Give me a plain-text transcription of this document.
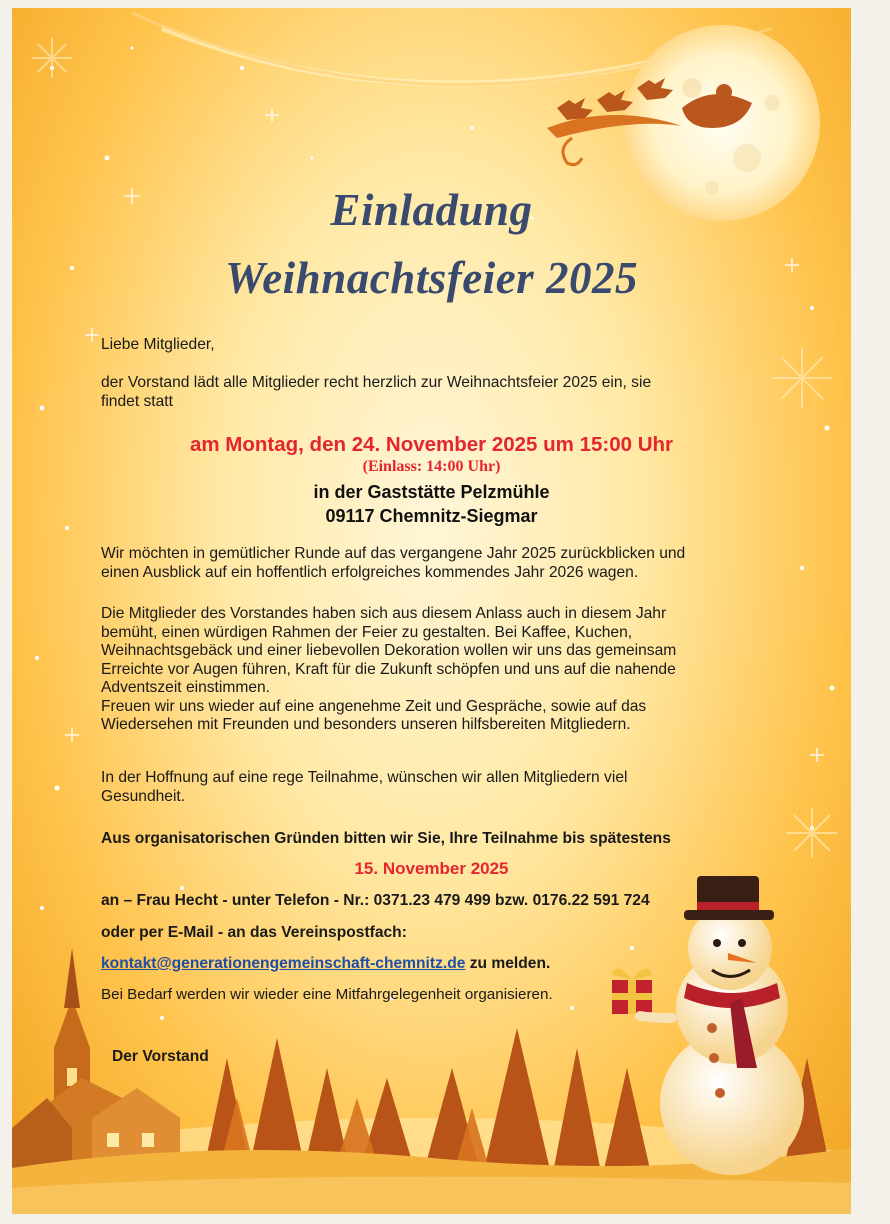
Einladung
Weihnachtsfeier 2025
Liebe Mitglieder,
der Vorstand lädt alle Mitglieder recht herzlich zur Weihnachtsfeier 2025 ein, sie
findet statt
am Montag, den 24. November 2025 um 15:00 Uhr
(Einlass: 14:00 Uhr)
in der Gaststätte Pelzmühle
09117 Chemnitz-Siegmar
Wir möchten in gemütlicher Runde auf das vergangene Jahr 2025 zurückblicken und
einen Ausblick auf ein hoffentlich erfolgreiches kommendes Jahr 2026 wagen.
Die Mitglieder des Vorstandes haben sich aus diesem Anlass auch in diesem Jahr
bemüht, einen würdigen Rahmen der Feier zu gestalten. Bei Kaffee, Kuchen,
Weihnachtsgebäck und einer liebevollen Dekoration wollen wir uns das gemeinsam
Erreichte vor Augen führen, Kraft für die Zukunft schöpfen und uns auf die nahende
Adventszeit einstimmen.
Freuen wir uns wieder auf eine angenehme Zeit und Gespräche, sowie auf das
Wiedersehen mit Freunden und besonders unseren hilfsbereiten Mitgliedern.
In der Hoffnung auf eine rege Teilnahme, wünschen wir allen Mitgliedern viel
Gesundheit.
Aus organisatorischen Gründen bitten wir Sie, Ihre Teilnahme bis spätestens
15. November 2025
an – Frau Hecht - unter Telefon - Nr.: 0371.23 479 499 bzw. 0176.22 591 724
oder per E-Mail - an das Vereinspostfach:
kontakt@generationengemeinschaft-chemnitz.de zu melden.
Bei Bedarf werden wir wieder eine Mitfahrgelegenheit organisieren.
Der Vorstand
